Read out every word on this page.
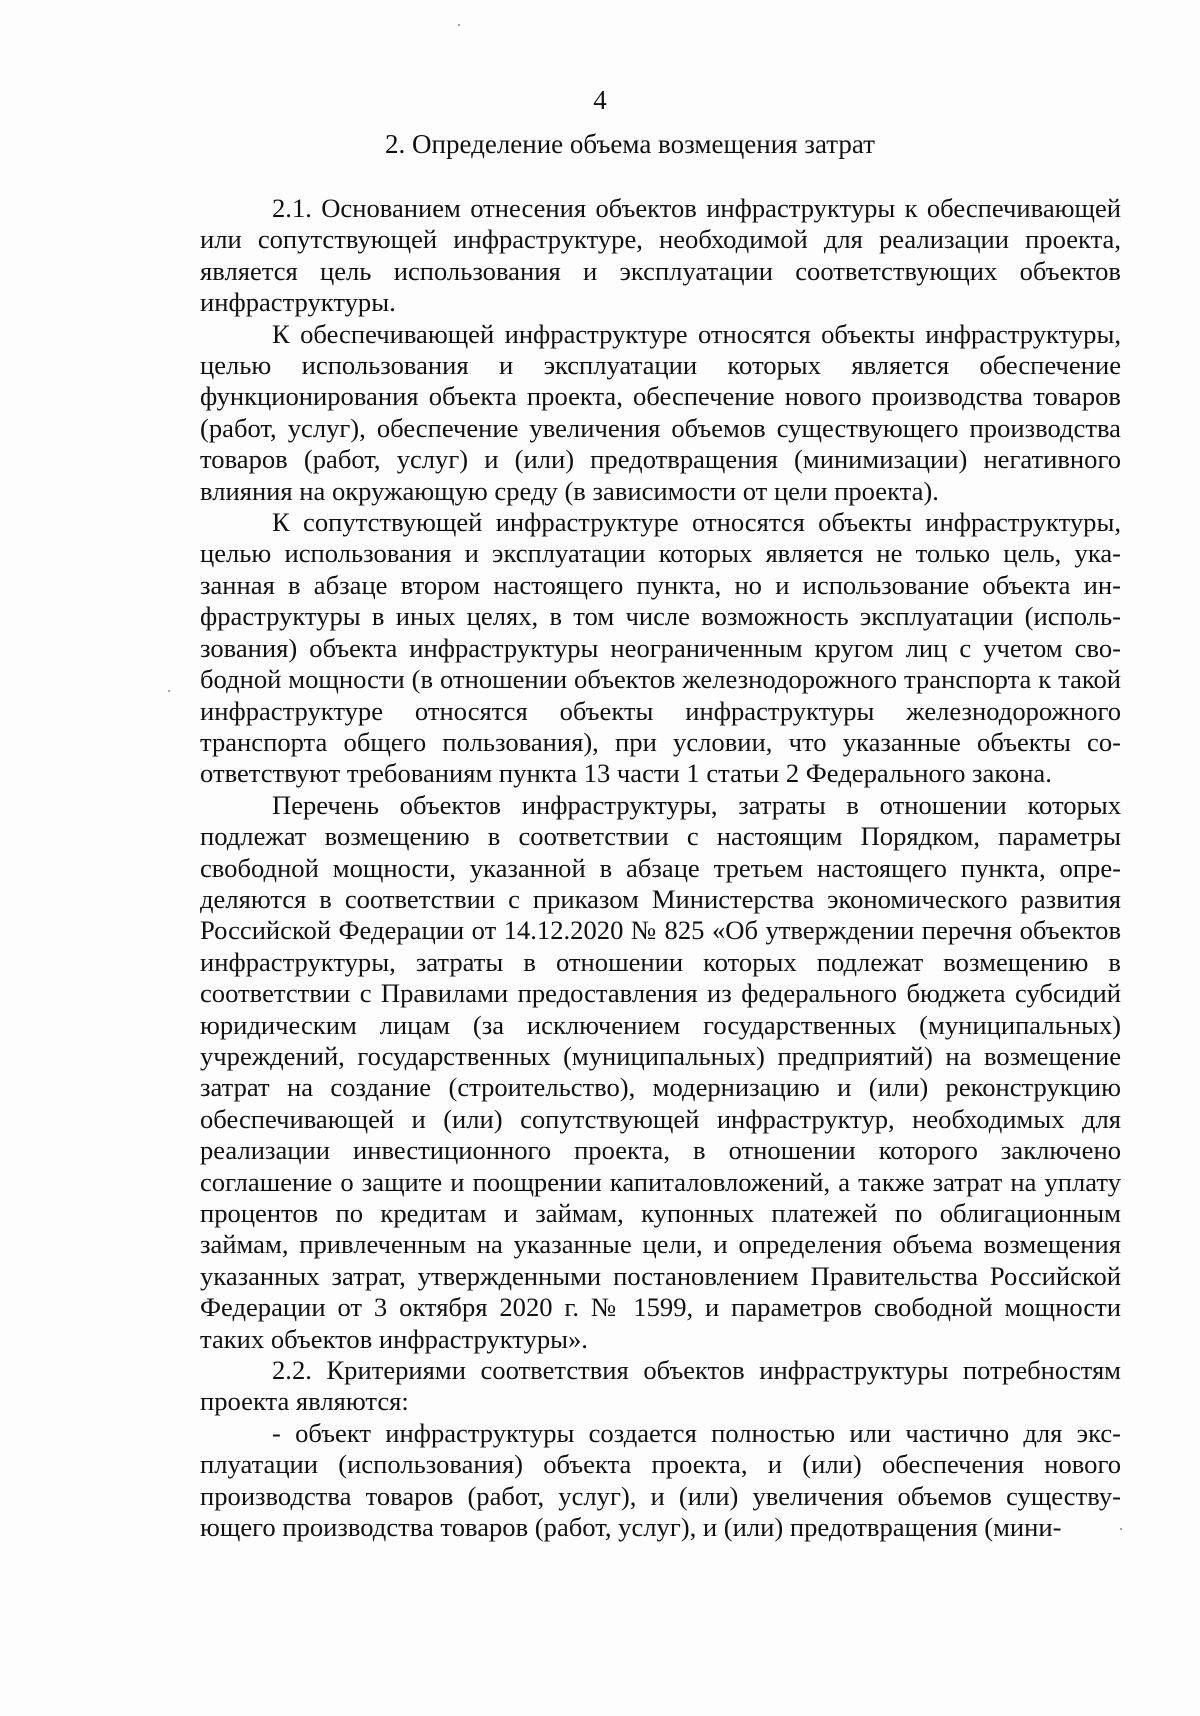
4
2. Определение объема возмещения затрат

2.1. Основанием отнесения объектов инфраструктуры к обеспечивающей или сопутствующей инфраструктуре, необходимой для реализации проекта, является цель использования и эксплуатации соответствующих объектов инфраструктуры.

К обеспечивающей инфраструктуре относятся объекты инфраструктуры, целью использования и эксплуатации которых является обеспечение функционирования объекта проекта, обеспечение нового производства товаров (работ, услуг), обеспечение увеличения объемов существующего производства товаров (работ, услуг) и (или) предотвращения (минимизации) негативного влияния на окружающую среду (в зависимости от цели проекта).

К сопутствующей инфраструктуре относятся объекты инфраструктуры, целью использования и эксплуатации которых является не только цель, указанная в абзаце втором настоящего пункта, но и использование объекта инфраструктуры в иных целях, в том числе возможность эксплуатации (использования) объекта инфраструктуры неограниченным кругом лиц с учетом свободной мощности (в отношении объектов железнодорожного транспорта к такой инфраструктуре относятся объекты инфраструктуры железнодорожного транспорта общего пользования), при условии, что указанные объекты соответствуют требованиям пункта 13 части 1 статьи 2 Федерального закона.

Перечень объектов инфраструктуры, затраты в отношении которых подлежат возмещению в соответствии с настоящим Порядком, параметры свободной мощности, указанной в абзаце третьем настоящего пункта, определяются в соответствии с приказом Министерства экономического развития Российской Федерации от 14.12.2020 № 825 «Об утверждении перечня объектов инфраструктуры, затраты в отношении которых подлежат возмещению в соответствии с Правилами предоставления из федерального бюджета субсидий юридическим лицам (за исключением государственных (муниципальных) учреждений, государственных (муниципальных) предприятий) на возмещение затрат на создание (строительство), модернизацию и (или) реконструкцию обеспечивающей и (или) сопутствующей инфраструктур, необходимых для реализации инвестиционного проекта, в отношении которого заключено соглашение о защите и поощрении капиталовложений, а также затрат на уплату процентов по кредитам и займам, купонных платежей по облигационным займам, привлеченным на указанные цели, и определения объема возмещения указанных затрат, утвержденными постановлением Правительства Российской Федерации от 3 октября 2020 г. № 1599, и параметров свободной мощности таких объектов инфраструктуры».

2.2. Критериями соответствия объектов инфраструктуры потребностям проекта являются:

- объект инфраструктуры создается полностью или частично для эксплуатации (использования) объекта проекта, и (или) обеспечения нового производства товаров (работ, услуг), и (или) увеличения объемов существующего производства товаров (работ, услуг), и (или) предотвращения (мини-
